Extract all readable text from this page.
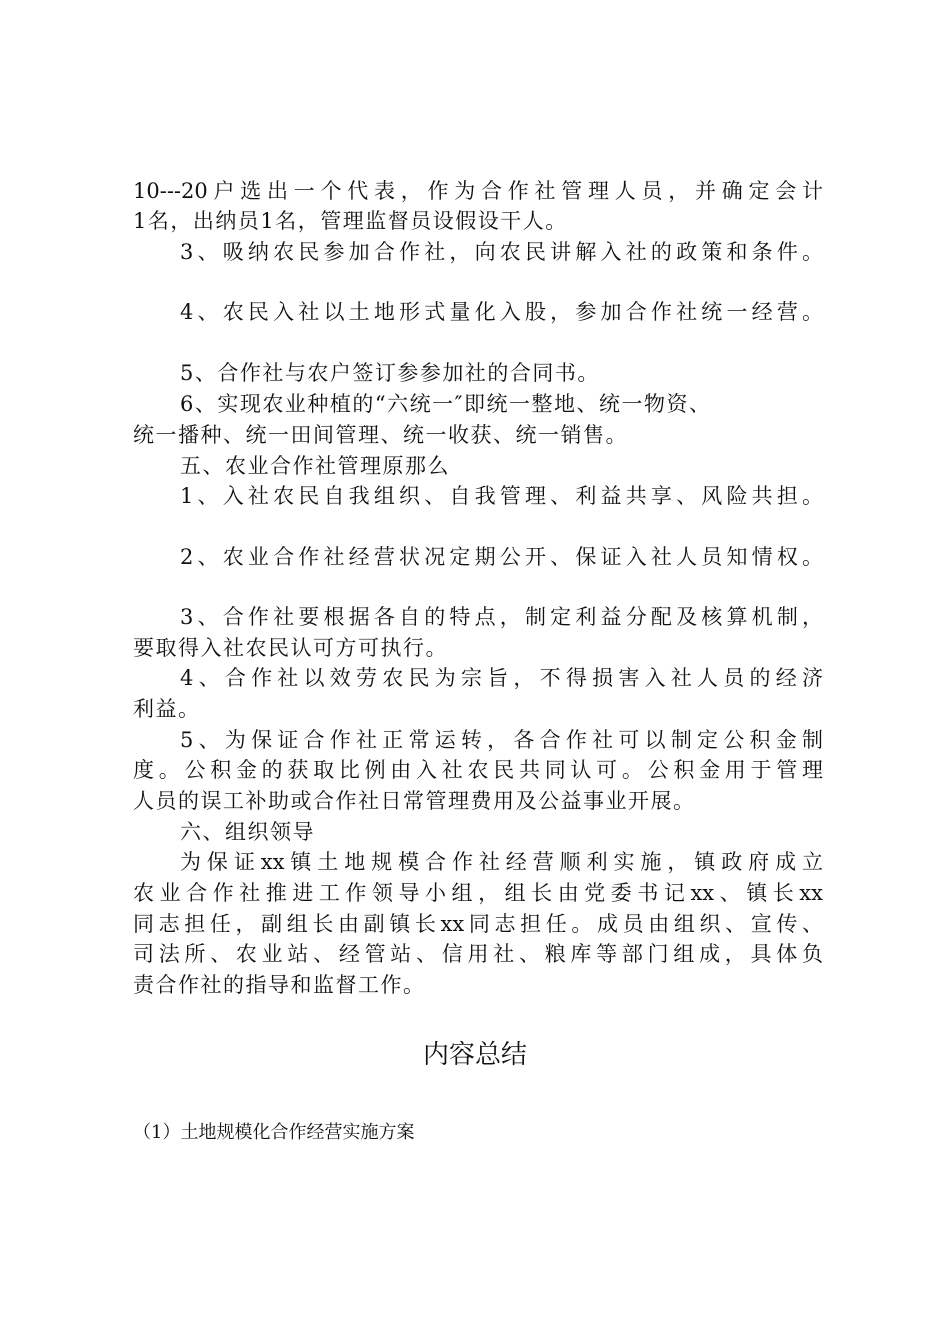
10---20户选出一个代表，作为合作社管理人员，并确定会计
1名，出纳员1名，管理监督员设假设干人。
3、吸纳农民参加合作社，向农民讲解入社的政策和条件。
4、农民入社以土地形式量化入股，参加合作社统一经营。
5、合作社与农户签订参参加社的合同书。
6、实现农业种植的“六统一″即统一整地、统一物资、
统一播种、统一田间管理、统一收获、统一销售。
五、农业合作社管理原那么
1、入社农民自我组织、自我管理、利益共享、风险共担。
2、农业合作社经营状况定期公开、保证入社人员知情权。
3、合作社要根据各自的特点，制定利益分配及核算机制，
要取得入社农民认可方可执行。
4、合作社以效劳农民为宗旨，不得损害入社人员的经济
利益。
5、为保证合作社正常运转，各合作社可以制定公积金制
度。公积金的获取比例由入社农民共同认可。公积金用于管理
人员的误工补助或合作社日常管理费用及公益事业开展。
六、组织领导
为保证xx镇土地规模合作社经营顺利实施，镇政府成立
农业合作社推进工作领导小组，组长由党委书记xx、镇长xx
同志担任，副组长由副镇长xx同志担任。成员由组织、宣传、
司法所、农业站、经管站、信用社、粮库等部门组成，具体负
责合作社的指导和监督工作。
内容总结
（1）土地规模化合作经营实施方案
